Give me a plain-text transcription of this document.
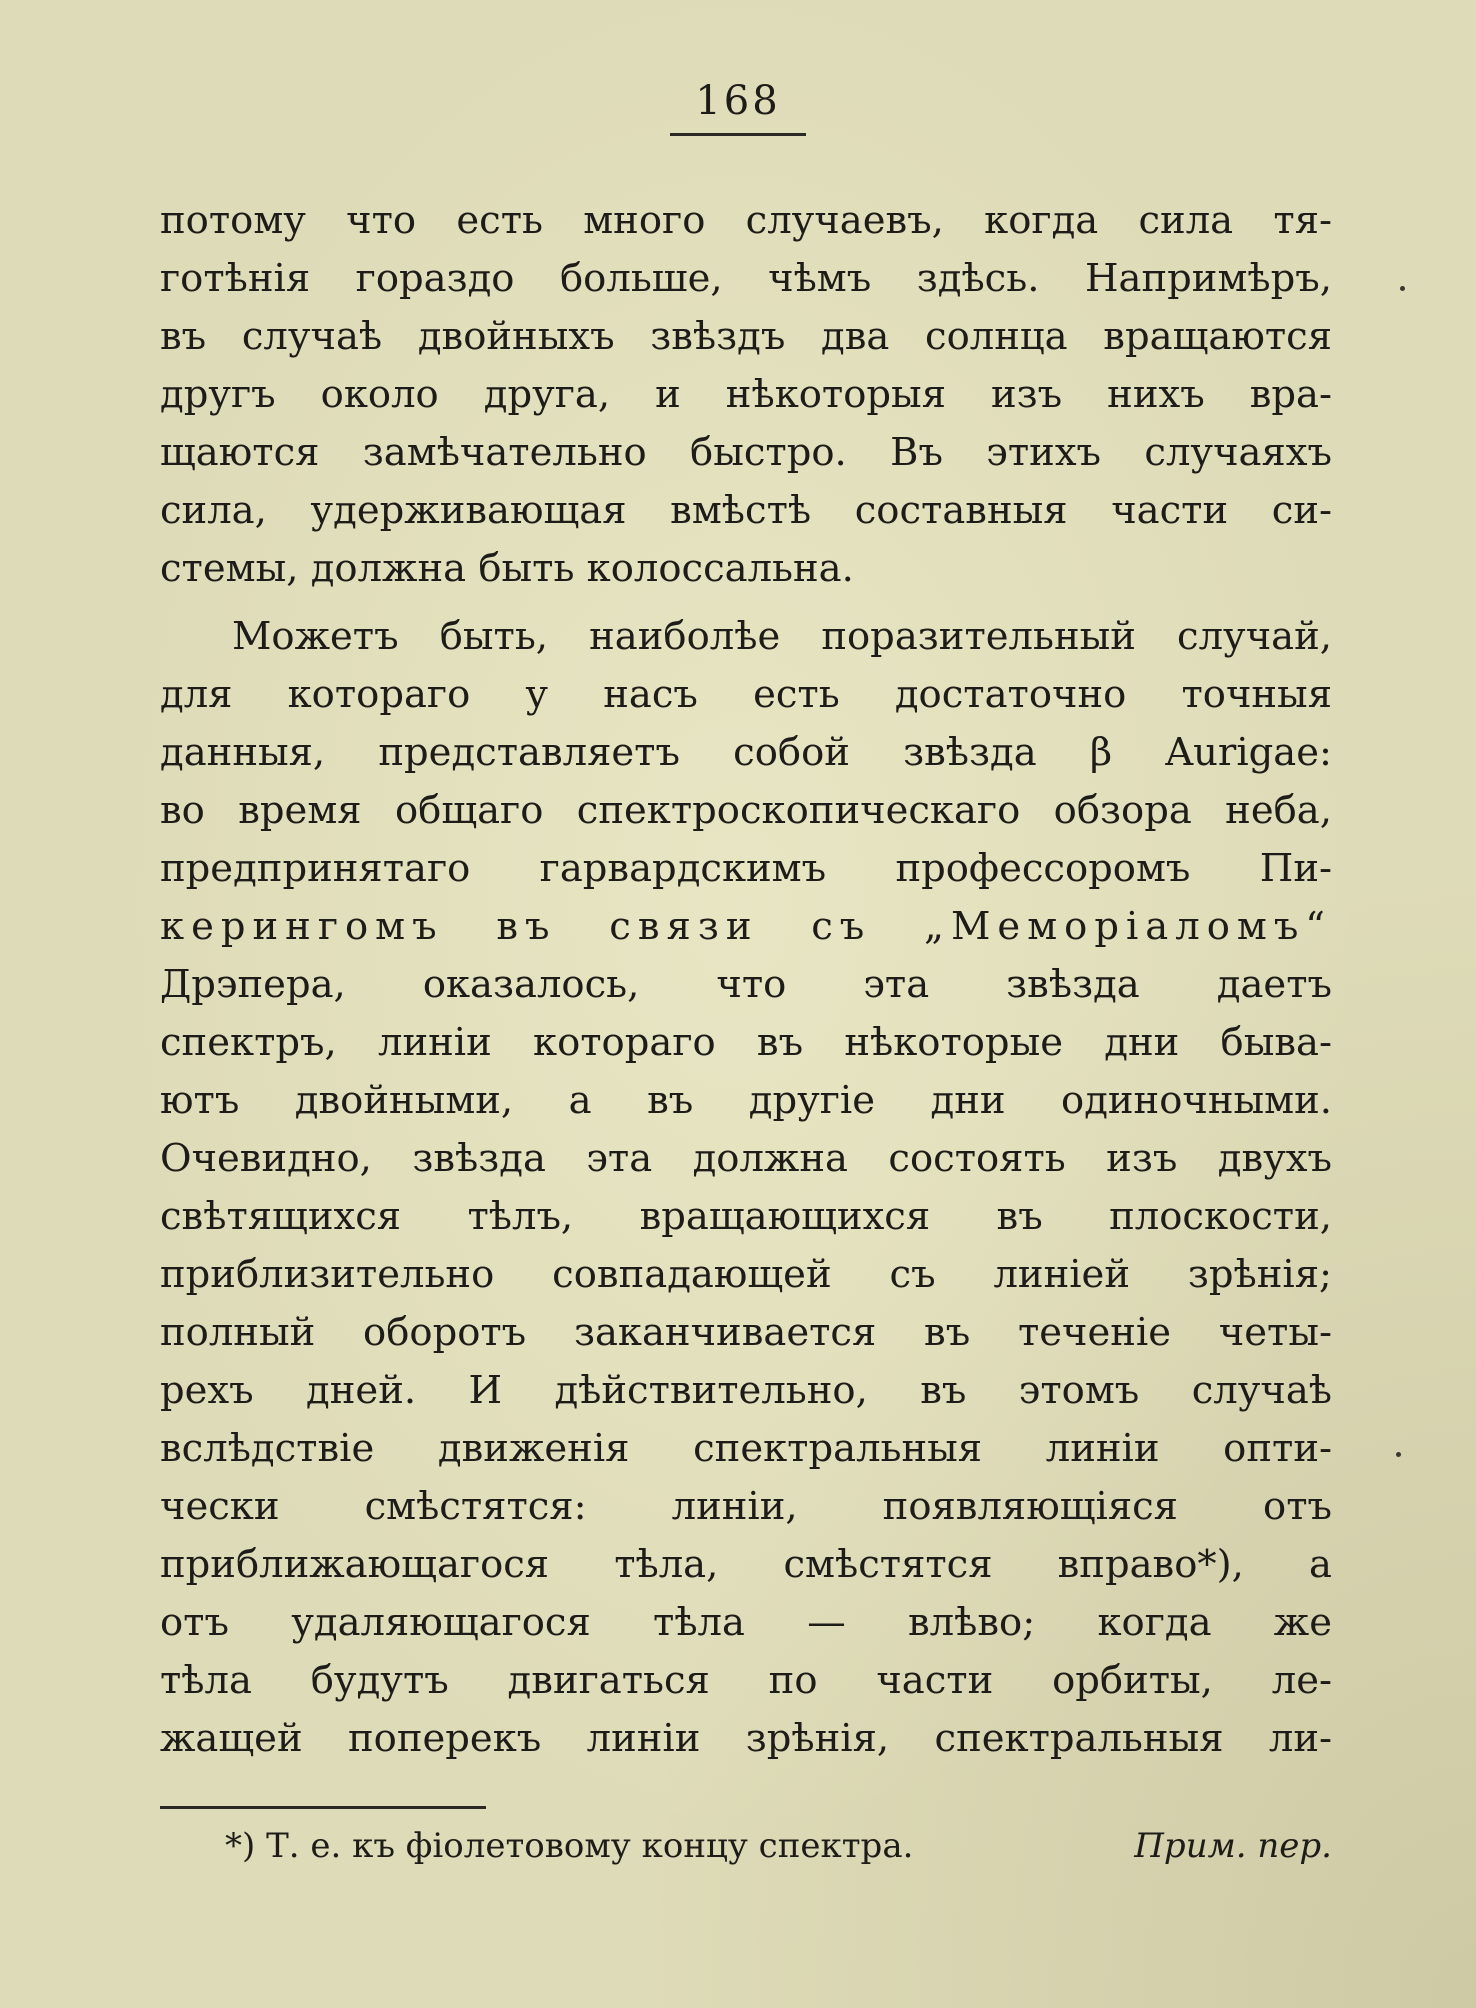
168
потому что есть много случаевъ, когда сила тя-
готѣнія гораздо больше, чѣмъ здѣсь. Напримѣръ,
въ случаѣ двойныхъ звѣздъ два солнца вращаются
другъ около друга, и нѣкоторыя изъ нихъ вра-
щаются замѣчательно быстро. Въ этихъ случаяхъ
сила, удерживающая вмѣстѣ составныя части си-
стемы, должна быть колоссальна.
Можетъ быть, наиболѣе поразительный случай,
для котораго у насъ есть достаточно точныя
данныя, представляетъ собой звѣзда β Aurigae:
во время общаго спектроскопическаго обзора неба,
предпринятаго гарвардскимъ профессоромъ Пи-
керингомъ въ связи съ „Меморіаломъ“
Дрэпера, оказалось, что эта звѣзда даетъ
спектръ, линіи котораго въ нѣкоторые дни быва-
ютъ двойными, а въ другіе дни одиночными.
Очевидно, звѣзда эта должна состоять изъ двухъ
свѣтящихся тѣлъ, вращающихся въ плоскости,
приблизительно совпадающей съ линіей зрѣнія;
полный оборотъ заканчивается въ теченіе четы-
рехъ дней. И дѣйствительно, въ этомъ случаѣ
вслѣдствіе движенія спектральныя линіи опти-
чески смѣстятся: линіи, появляющіяся отъ
приближающагося тѣла, смѣстятся вправо*), а
отъ удаляющагося тѣла — влѣво; когда же
тѣла будутъ двигаться по части орбиты, ле-
жащей поперекъ линіи зрѣнія, спектральныя ли-
*) Т. е. къ фіолетовому концу спектра.	Прим. пер.
